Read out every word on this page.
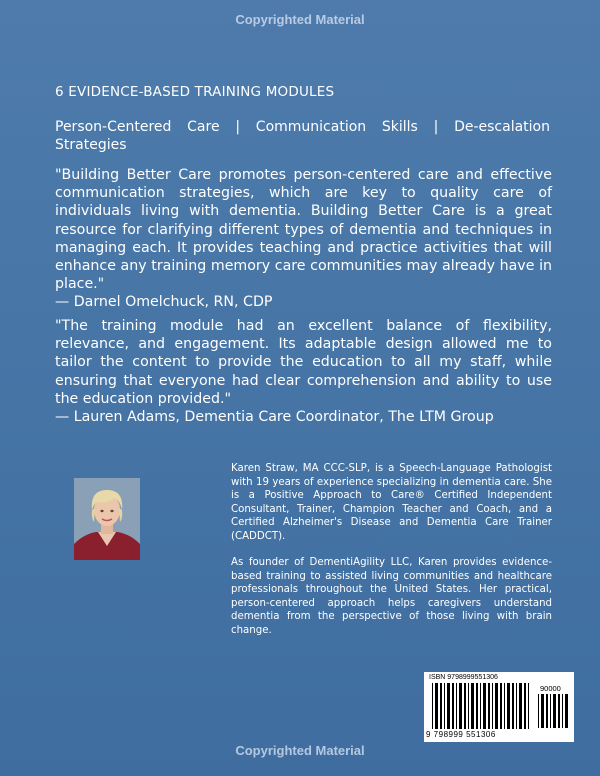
Copyrighted Material
6 EVIDENCE-BASED TRAINING MODULES
Person-Centered Care | Communication Skills | De-escalation Strategies

"Building Better Care promotes person-centered care and effective communication strategies, which are key to quality care of individuals living with dementia. Building Better Care is a great resource for clarifying different types of dementia and techniques in managing each. It provides teaching and practice activities that will enhance any training memory care communities may already have in place."

— Darnel Omelchuck, RN, CDP

"The training module had an excellent balance of flexibility, relevance, and engagement. Its adaptable design allowed me to tailor the content to provide the education to all my staff, while ensuring that everyone had clear comprehension and ability to use the education provided."

— Lauren Adams, Dementia Care Coordinator, The LTM Group

Karen Straw, MA CCC-SLP, is a Speech-Language Pathologist with 19 years of experience specializing in dementia care. She is a Positive Approach to Care® Certified Independent Consultant, Trainer, Champion Teacher and Coach, and a Certified Alzheimer's Disease and Dementia Care Trainer (CADDCT).
As founder of DementiAgility LLC, Karen provides evidence-based training to assisted living communities and healthcare professionals throughout the United States. Her practical, person-centered approach helps caregivers understand dementia from the perspective of those living with brain change.
ISBN 9798999551306
90000
9 798999 551306
Copyrighted Material
